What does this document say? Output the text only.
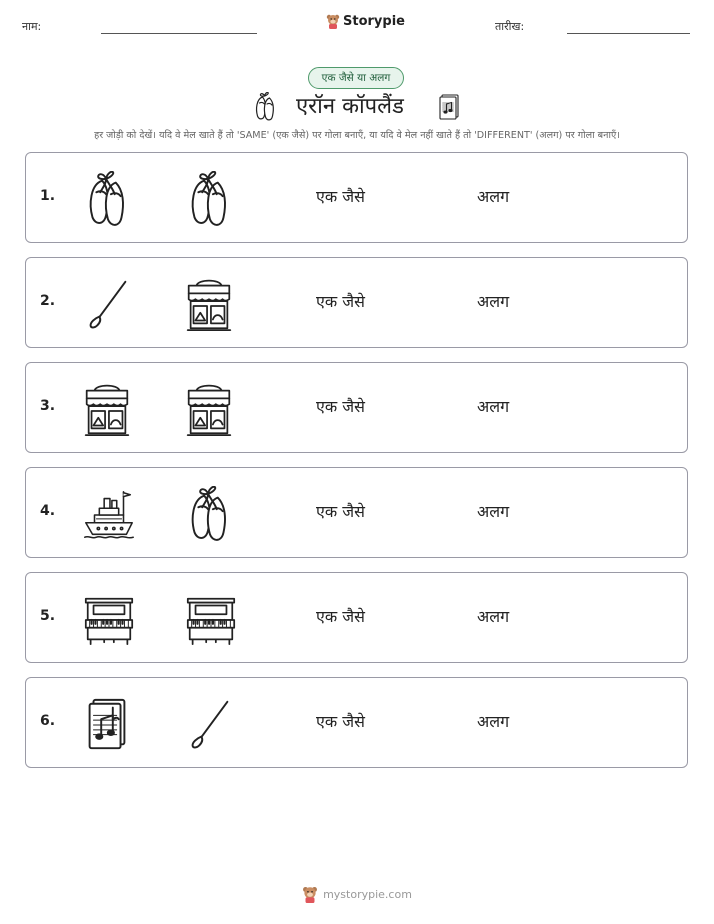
नाम:	Storypie	तारीख:
एक जैसे या अलग
एरॉन कॉपलैंड
हर जोड़ी को देखें। यदि वे मेल खाते हैं तो 'SAME' (एक जैसे) पर गोला बनाएँ, या यदि वे मेल नहीं खाते हैं तो 'DIFFERENT' (अलग) पर गोला बनाएँ।
1.	एक जैसे	अलग
2.	एक जैसे	अलग
3.	एक जैसे	अलग
4.	एक जैसे	अलग
5.	एक जैसे	अलग
6.	एक जैसे	अलग
mystorypie.com
